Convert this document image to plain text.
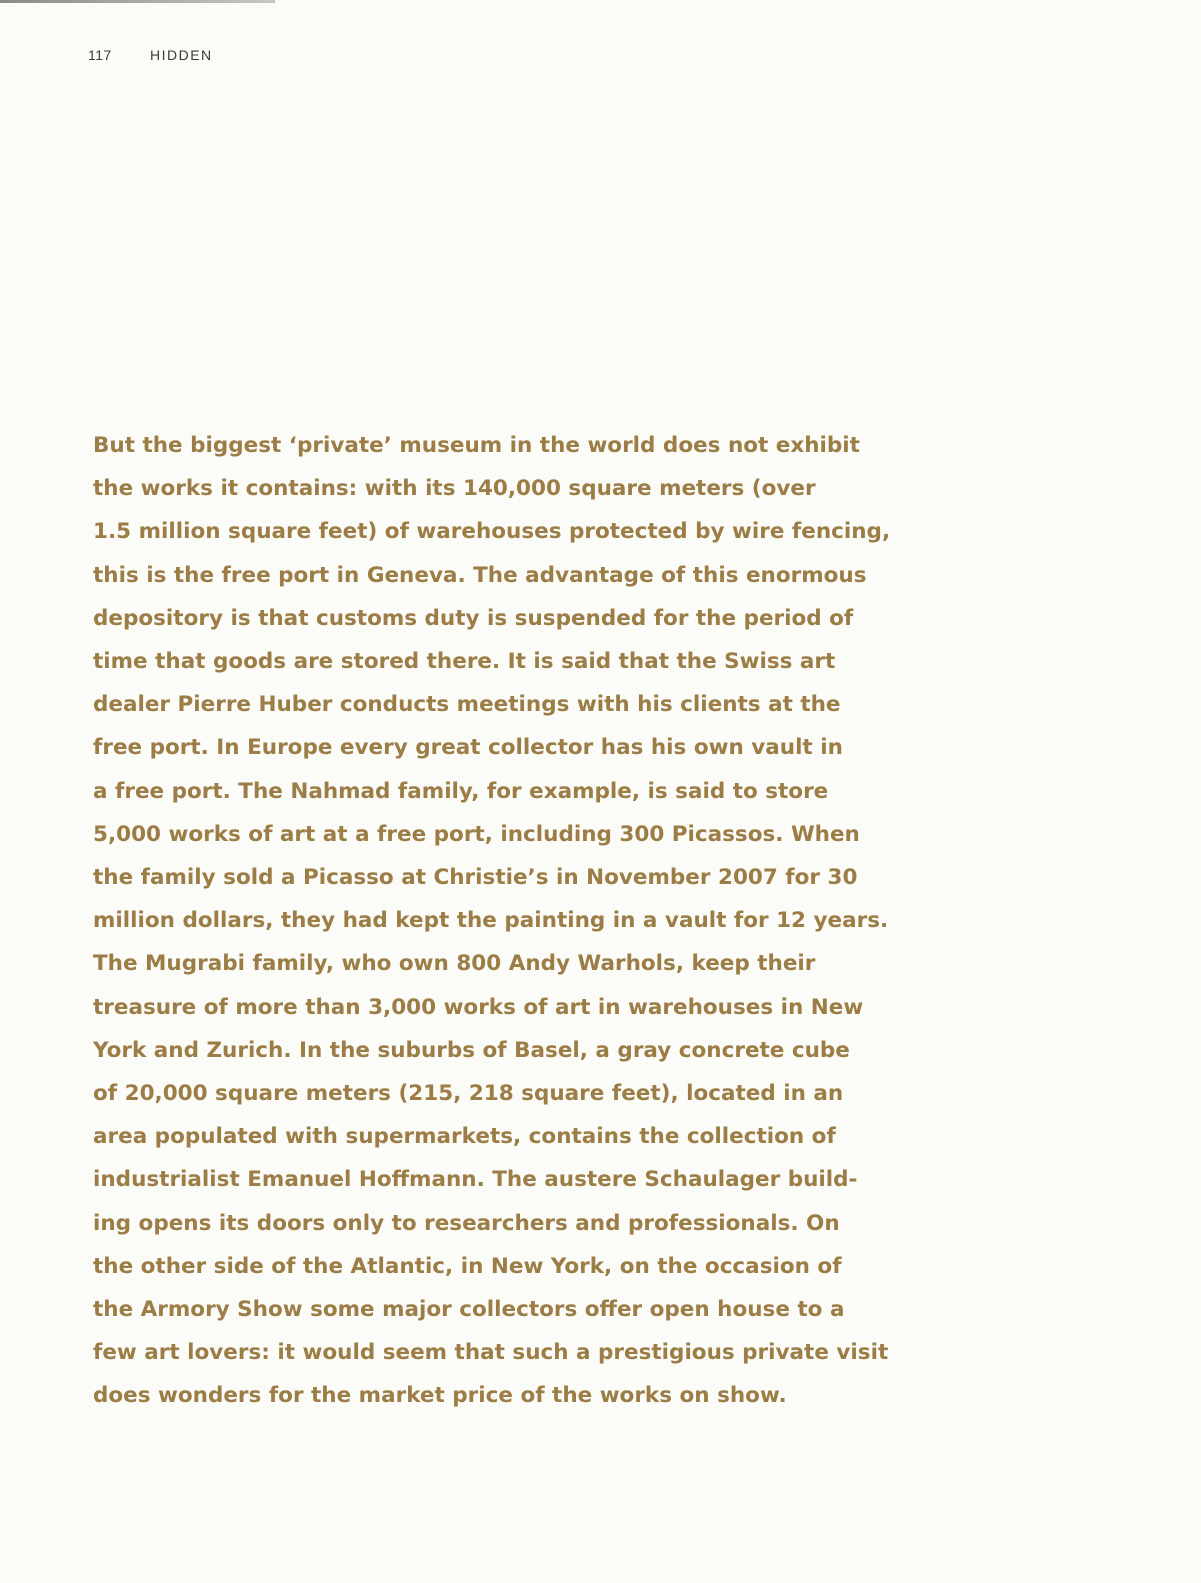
117	HIDDEN

But the biggest ‘private’ museum in the world does not exhibit
the works it contains: with its 140,000 square meters (over
1.5 million square feet) of warehouses protected by wire fencing,
this is the free port in Geneva. The advantage of this enormous
depository is that customs duty is suspended for the period of
time that goods are stored there. It is said that the Swiss art
dealer Pierre Huber conducts meetings with his clients at the
free port. In Europe every great collector has his own vault in
a free port. The Nahmad family, for example, is said to store
5,000 works of art at a free port, including 300 Picassos. When
the family sold a Picasso at Christie’s in November 2007 for 30
million dollars, they had kept the painting in a vault for 12 years.
The Mugrabi family, who own 800 Andy Warhols, keep their
treasure of more than 3,000 works of art in warehouses in New
York and Zurich. In the suburbs of Basel, a gray concrete cube
of 20,000 square meters (215, 218 square feet), located in an
area populated with supermarkets, contains the collection of
industrialist Emanuel Hoffmann. The austere Schaulager build-
ing opens its doors only to researchers and professionals. On
the other side of the Atlantic, in New York, on the occasion of
the Armory Show some major collectors offer open house to a
few art lovers: it would seem that such a prestigious private visit
does wonders for the market price of the works on show.
